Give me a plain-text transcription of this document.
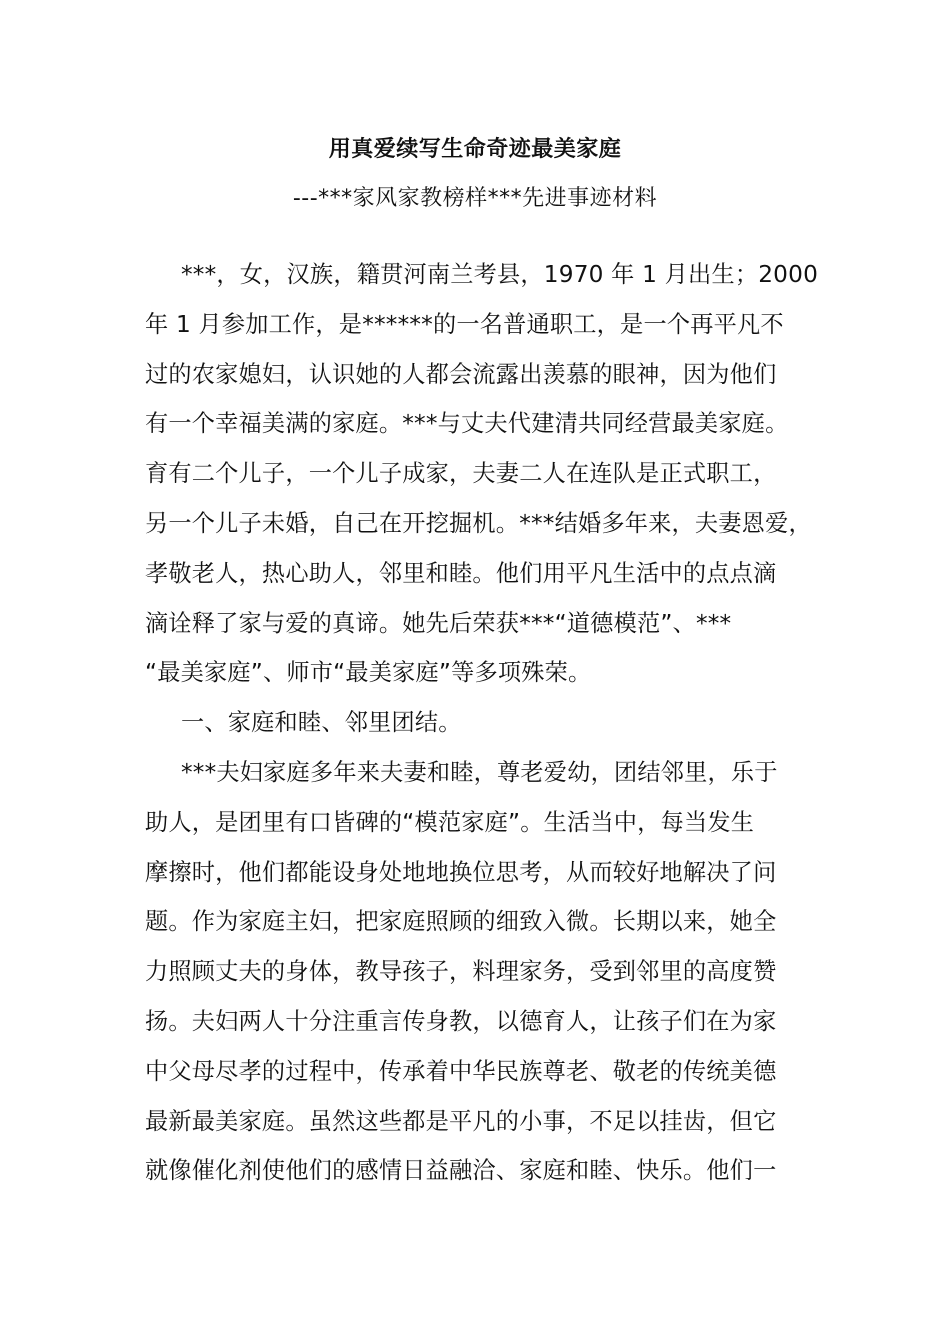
用真爱续写生命奇迹最美家庭
---***家风家教榜样***先进事迹材料
***，女，汉族，籍贯河南兰考县，1970 年 1 月出生；2000
年 1 月参加工作，是******的一名普通职工，是一个再平凡不
过的农家媳妇，认识她的人都会流露出羡慕的眼神，因为他们
有一个幸福美满的家庭。***与丈夫代建清共同经营最美家庭。
育有二个儿子，一个儿子成家，夫妻二人在连队是正式职工，
另一个儿子未婚，自己在开挖掘机。***结婚多年来，夫妻恩爱，
孝敬老人，热心助人，邻里和睦。他们用平凡生活中的点点滴
滴诠释了家与爱的真谛。她先后荣获***“道德模范”、***
“最美家庭”、师市“最美家庭”等多项殊荣。
一、家庭和睦、邻里团结。
***夫妇家庭多年来夫妻和睦，尊老爱幼，团结邻里，乐于
助人，是团里有口皆碑的“模范家庭”。生活当中，每当发生
摩擦时，他们都能设身处地地换位思考，从而较好地解决了问
题。作为家庭主妇，把家庭照顾的细致入微。长期以来，她全
力照顾丈夫的身体，教导孩子，料理家务，受到邻里的高度赞
扬。夫妇两人十分注重言传身教，以德育人，让孩子们在为家
中父母尽孝的过程中，传承着中华民族尊老、敬老的传统美德
最新最美家庭。虽然这些都是平凡的小事，不足以挂齿，但它
就像催化剂使他们的感情日益融洽、家庭和睦、快乐。他们一
